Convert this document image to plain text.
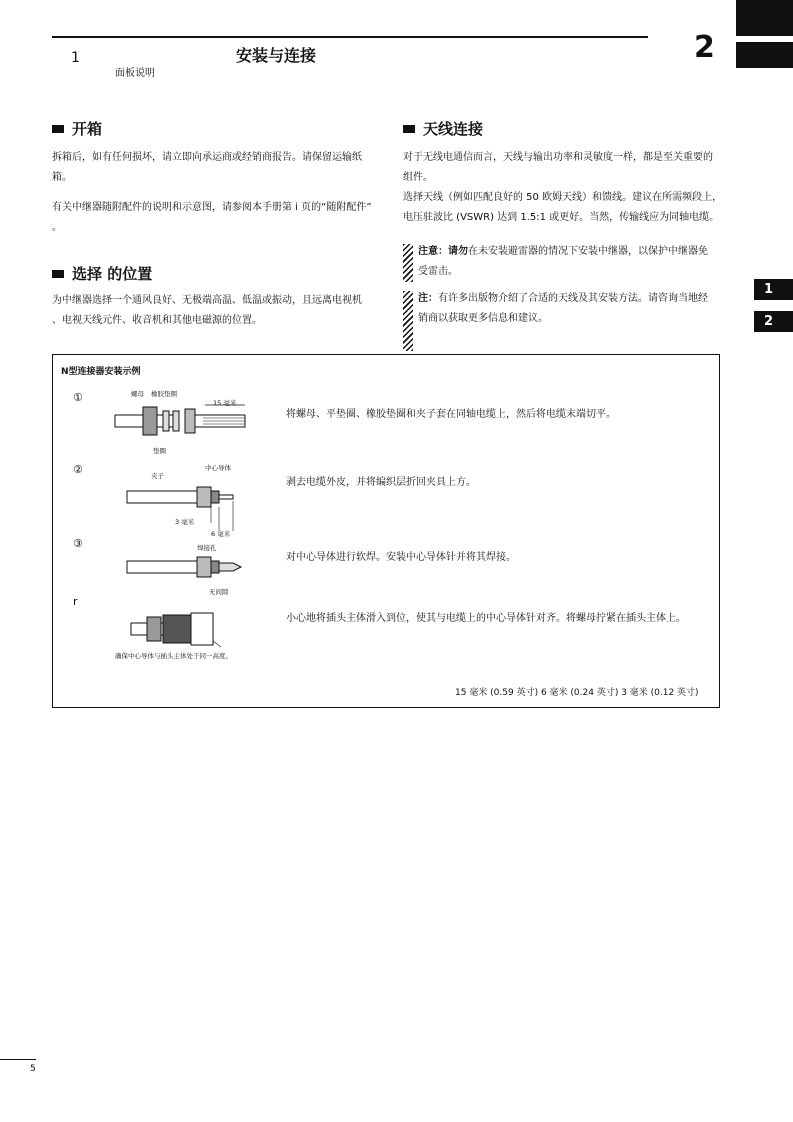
1
面板说明
安装与连接	2
1
2
开箱
拆箱后，如有任何损坏，请立即向承运商或经销商报告。请保留运输纸
箱。
有关中继器随附配件的说明和示意图，请参阅本手册第 i 页的“随附配件”
。
选择 的位置
为中继器选择一个通风良好、无极端高温、低温或振动，且远离电视机
、电视天线元件、收音机和其他电磁源的位置。
天线连接
对于无线电通信而言，天线与输出功率和灵敏度一样，都是至关重要的
组件。
选择天线（例如匹配良好的 50 欧姆天线）和馈线。建议在所需频段上，
电压驻波比 (VSWR) 达到 1.5:1 或更好。当然，传输线应为同轴电缆。
注意：请勿在未安装避雷器的情况下安装中继器，以保护中继器免
受雷击。
注：有许多出版物介绍了合适的天线及其安装方法。请咨询当地经
销商以获取更多信息和建议。
N型连接器安装示例
①
将螺母、平垫圈、橡胶垫圈和夹子套在同轴电缆上，然后将电缆末端切平。
螺母 橡胶垫圈
15 毫米
垫圈
②
剥去电缆外皮，并将编织层折回夹具上方。
夹子
中心导体
3 毫米
6 毫米
③
对中心导体进行软焊。安装中心导体针并将其焊接。
焊接孔
无间隙
r
小心地将插头主体滑入到位，使其与电缆上的中心导体针对齐。将螺母拧紧在插头主体上。
确保中心导体与插头主体处于同一高度。
15 毫米 (0.59 英寸) 6 毫米 (0.24 英寸) 3 毫米 (0.12 英寸)
5
